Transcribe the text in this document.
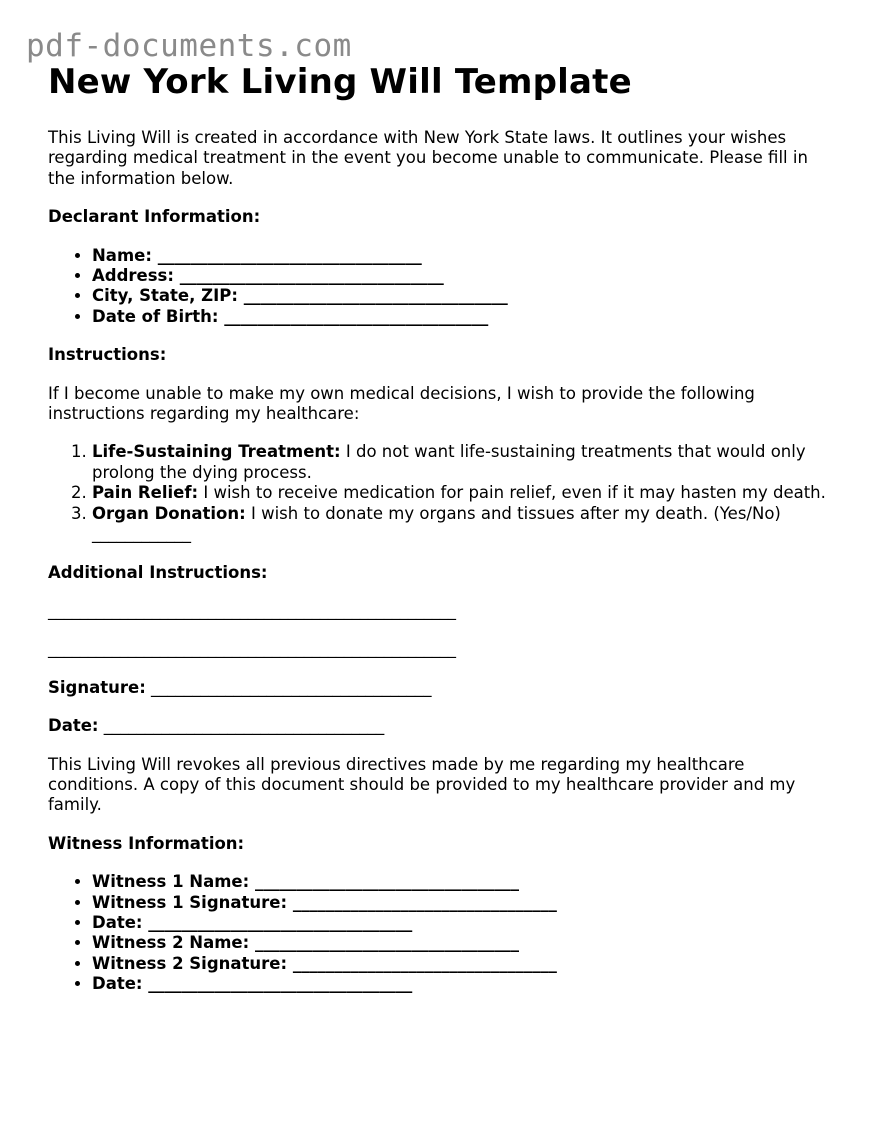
pdf-documents.com
New York Living Will Template

This Living Will is created in accordance with New York State laws. It outlines your wishes regarding medical treatment in the event you become unable to communicate. Please fill in the information below.

Declarant Information:

• Name: ________________________________
• Address: ________________________________
• City, State, ZIP: ________________________________
• Date of Birth: ________________________________

Instructions:

If I become unable to make my own medical decisions, I wish to provide the following instructions regarding my healthcare:

1. Life-Sustaining Treatment: I do not want life-sustaining treatments that would only prolong the dying process.
2. Pain Relief: I wish to receive medication for pain relief, even if it may hasten my death.
3. Organ Donation: I wish to donate my organs and tissues after my death. (Yes/No) ____________

Additional Instructions:

___________________________________________________
___________________________________________________

Signature: __________________________________

Date: __________________________________

This Living Will revokes all previous directives made by me regarding my healthcare conditions. A copy of this document should be provided to my healthcare provider and my family.

Witness Information:

• Witness 1 Name: ________________________________
• Witness 1 Signature: ________________________________
• Date: ________________________________
• Witness 2 Name: ________________________________
• Witness 2 Signature: ________________________________
• Date: ________________________________
